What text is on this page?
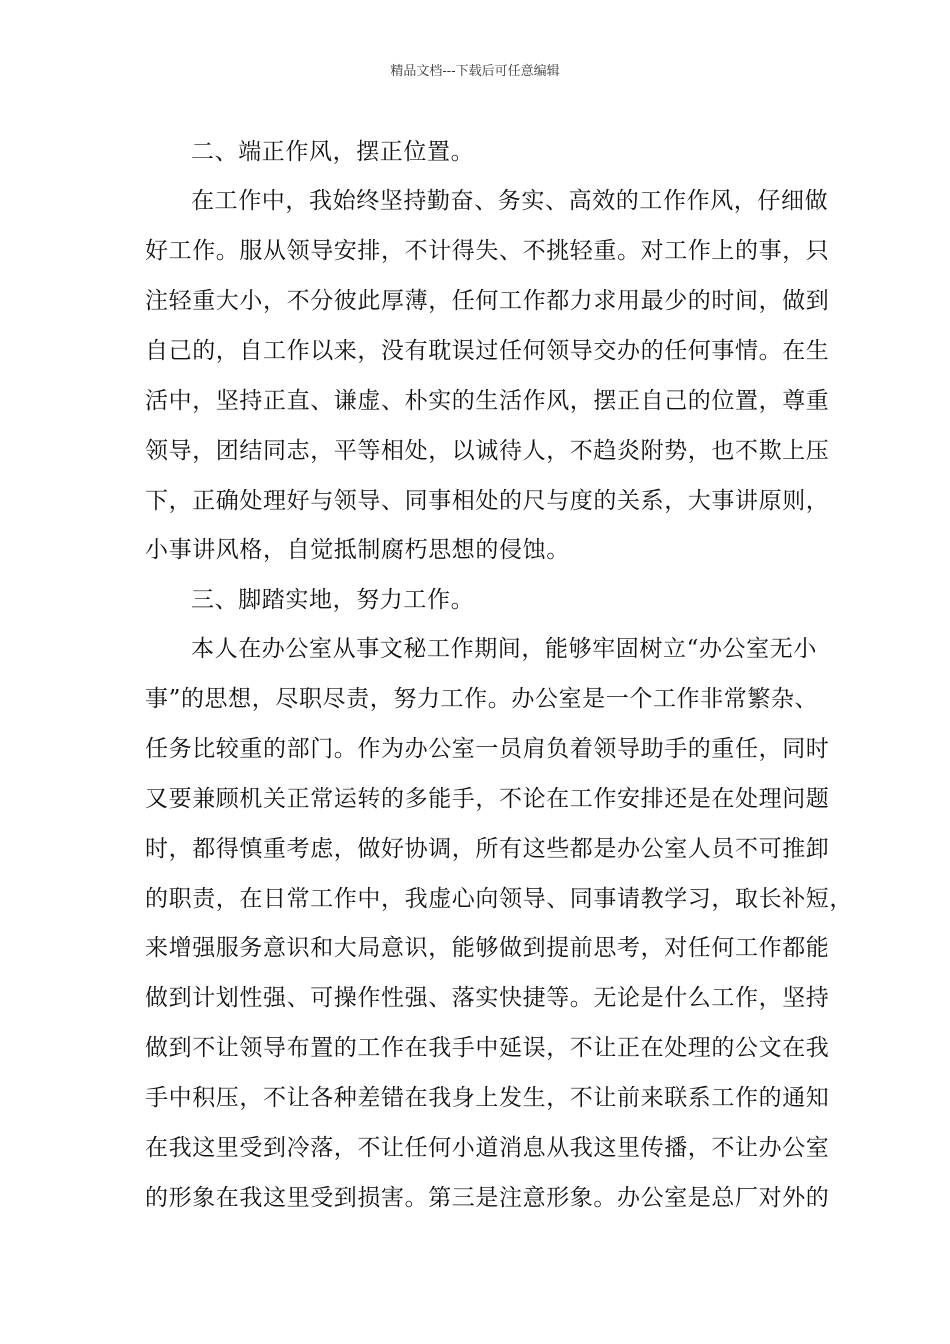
精品文档---下载后可任意编辑
二、端正作风，摆正位置。
在工作中，我始终坚持勤奋、务实、高效的工作作风，仔细做
好工作。服从领导安排，不计得失、不挑轻重。对工作上的事，只
注轻重大小，不分彼此厚薄，任何工作都力求用最少的时间，做到
自己的，自工作以来，没有耽误过任何领导交办的任何事情。在生
活中，坚持正直、谦虚、朴实的生活作风，摆正自己的位置，尊重
领导，团结同志，平等相处，以诚待人，不趋炎附势，也不欺上压
下，正确处理好与领导、同事相处的尺与度的关系，大事讲原则，
小事讲风格，自觉抵制腐朽思想的侵蚀。
三、脚踏实地，努力工作。
本人在办公室从事文秘工作期间，能够牢固树立“办公室无小
事”的思想，尽职尽责，努力工作。办公室是一个工作非常繁杂、
任务比较重的部门。作为办公室一员肩负着领导助手的重任，同时
又要兼顾机关正常运转的多能手，不论在工作安排还是在处理问题
时，都得慎重考虑，做好协调，所有这些都是办公室人员不可推卸
的职责，在日常工作中，我虚心向领导、同事请教学习，取长补短，
来增强服务意识和大局意识，能够做到提前思考，对任何工作都能
做到计划性强、可操作性强、落实快捷等。无论是什么工作，坚持
做到不让领导布置的工作在我手中延误，不让正在处理的公文在我
手中积压，不让各种差错在我身上发生，不让前来联系工作的通知
在我这里受到冷落，不让任何小道消息从我这里传播，不让办公室
的形象在我这里受到损害。第三是注意形象。办公室是总厂对外的
